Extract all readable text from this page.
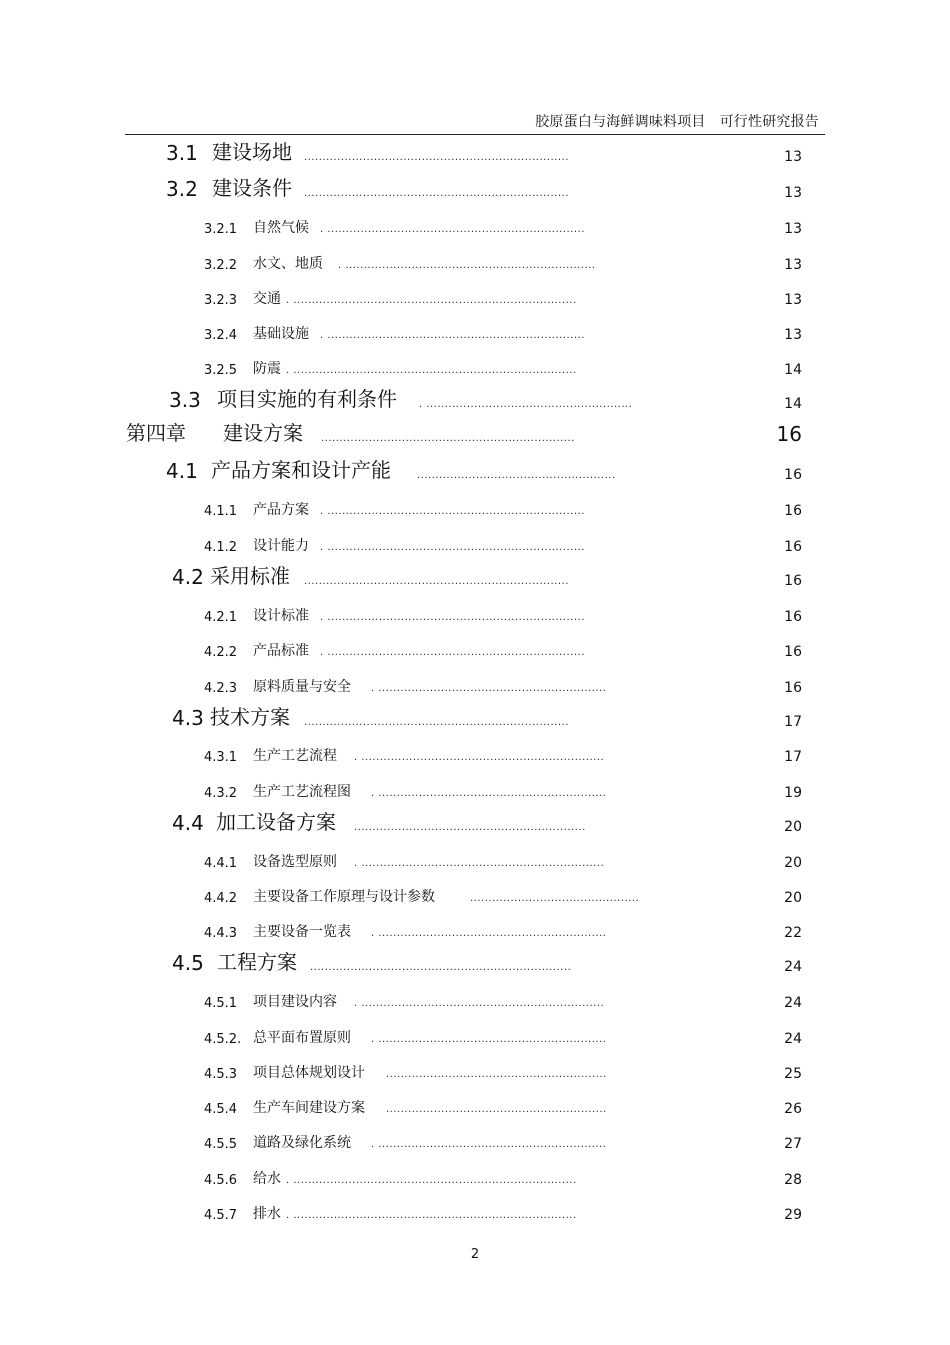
胶原蛋白与海鲜调味料项目 可行性研究报告
3.1 建设场地 ........................................................................	13
3.2 建设条件 ........................................................................	13
3.2.1 自然气候 . ......................................................................	13
3.2.2 水文、地质 . ....................................................................	13
3.2.3 交通 . .............................................................................	13
3.2.4 基础设施 . ......................................................................	13
3.2.5 防震 . .............................................................................	14
3.3 项目实施的有利条件 . ........................................................	14
第四章 建设方案 .....................................................................	16
4.1 产品方案和设计产能	......................................................	16
4.1.1 产品方案 . ......................................................................	16
4.1.2 设计能力 . ......................................................................	16
4.2 采用标准 ........................................................................	16
4.2.1 设计标准 . ......................................................................	16
4.2.2 产品标准 . ......................................................................	16
4.2.3 原料质量与安全 . ..............................................................	16
4.3 技术方案 ........................................................................	17
4.3.1 生产工艺流程 . ..................................................................	17
4.3.2 生产工艺流程图 . ..............................................................	19
4.4 加工设备方案 ...............................................................	20
4.4.1 设备选型原则 . ..................................................................	20
4.4.2 主要设备工作原理与设计参数	..............................................	20
4.4.3 主要设备一览表 . ..............................................................	22
4.5 工程方案 .......................................................................	24
4.5.1 项目建设内容 . ..................................................................	24
4.5.2. 总平面布置原则 . ..............................................................	24
4.5.3 项目总体规划设计 ............................................................	25
4.5.4 生产车间建设方案 ............................................................	26
4.5.5 道路及绿化系统 . ..............................................................	27
4.5.6 给水 . .............................................................................	28
4.5.7 排水 . .............................................................................	29
2
